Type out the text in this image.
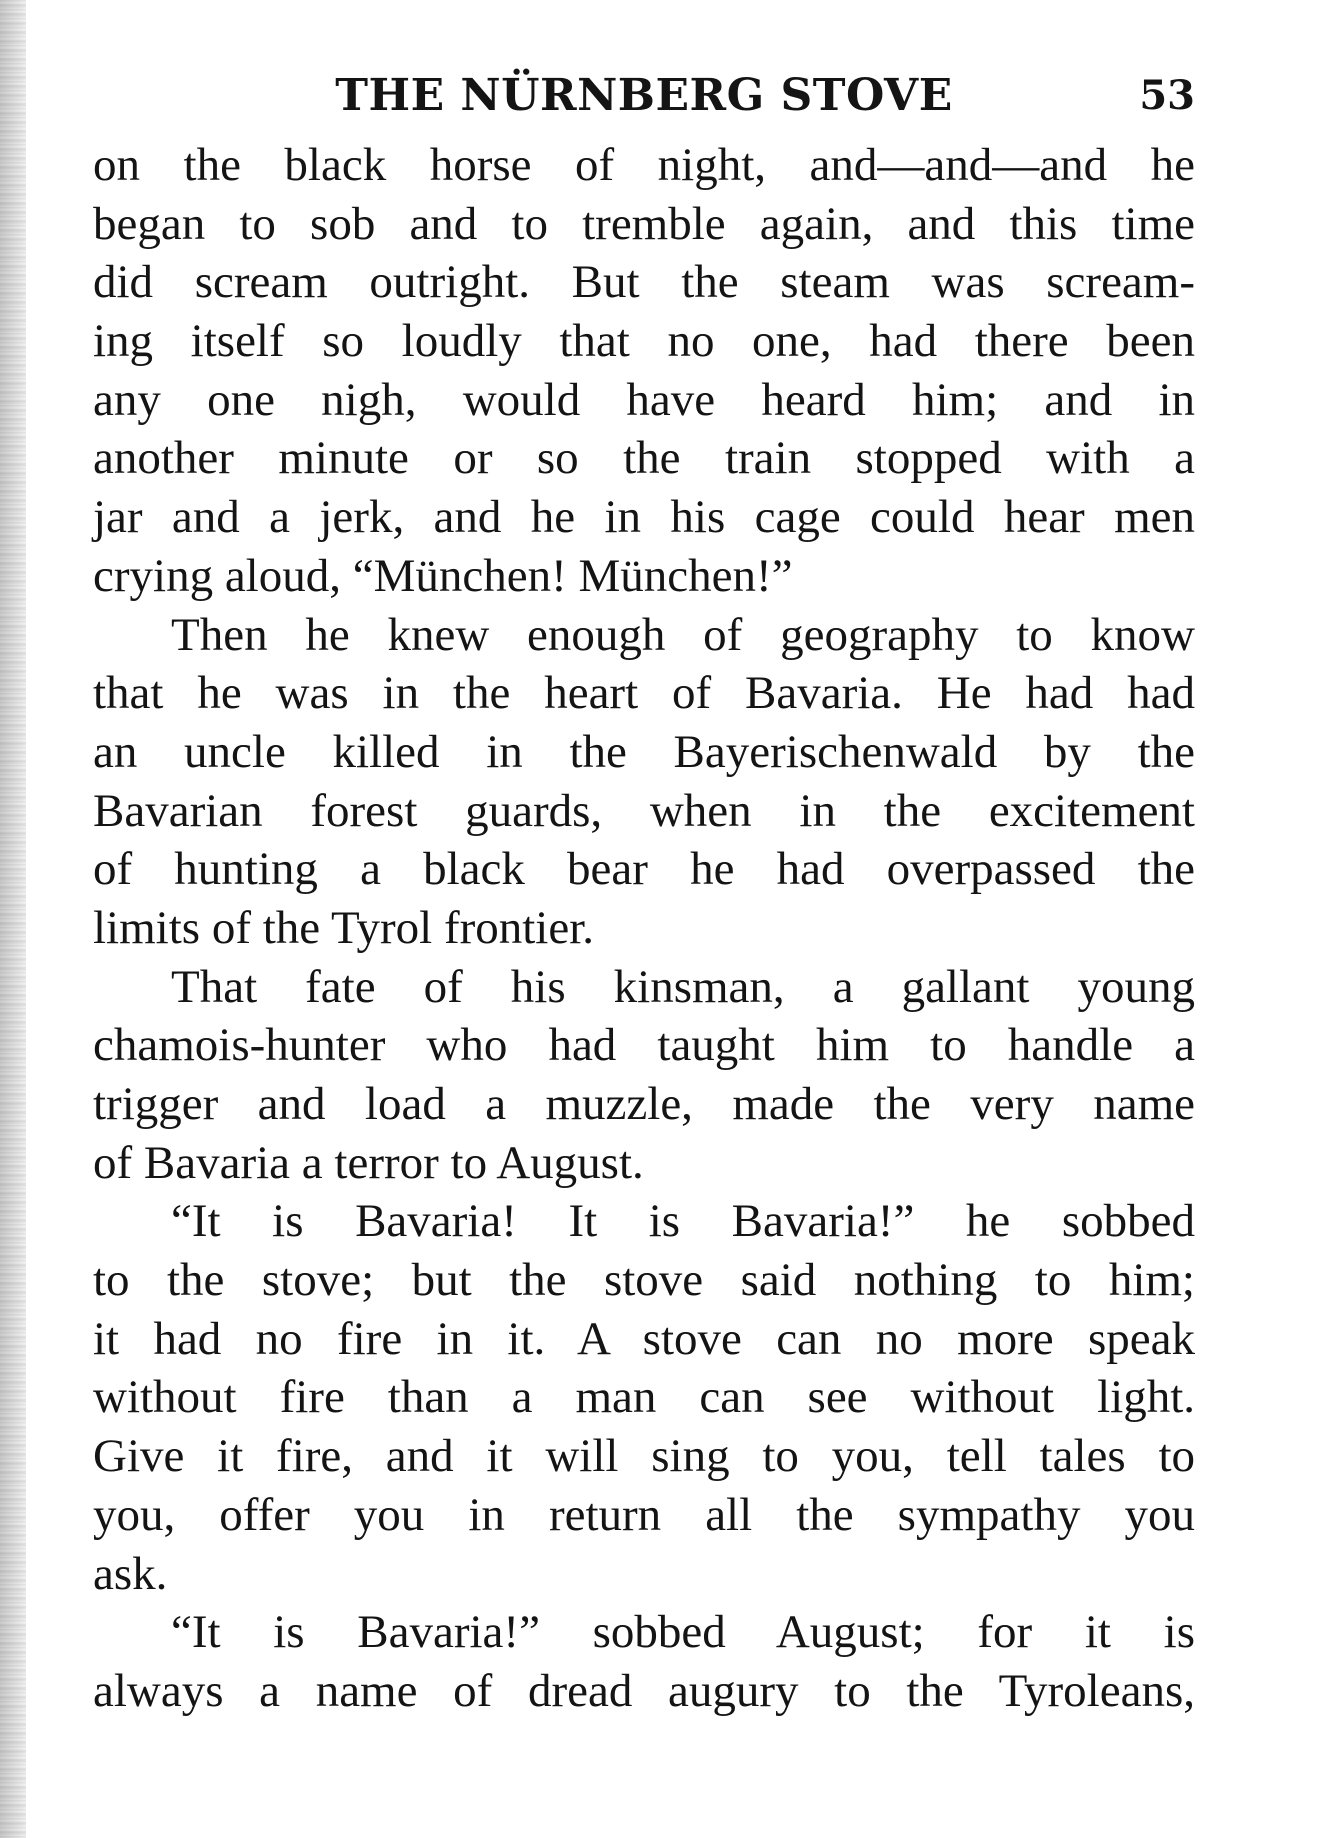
THE NÜRNBERG STOVE	53
on the black horse of night, and—and—and he
began to sob and to tremble again, and this time
did scream outright. But the steam was scream-
ing itself so loudly that no one, had there been
any one nigh, would have heard him; and in
another minute or so the train stopped with a
jar and a jerk, and he in his cage could hear men
crying aloud, “München! München!”
Then he knew enough of geography to know
that he was in the heart of Bavaria. He had had
an uncle killed in the Bayerischenwald by the
Bavarian forest guards, when in the excitement
of hunting a black bear he had overpassed the
limits of the Tyrol frontier.
That fate of his kinsman, a gallant young
chamois-hunter who had taught him to handle a
trigger and load a muzzle, made the very name
of Bavaria a terror to August.
“It is Bavaria! It is Bavaria!” he sobbed
to the stove; but the stove said nothing to him;
it had no fire in it. A stove can no more speak
without fire than a man can see without light.
Give it fire, and it will sing to you, tell tales to
you, offer you in return all the sympathy you
ask.
“It is Bavaria!” sobbed August; for it is
always a name of dread augury to the Tyroleans,
